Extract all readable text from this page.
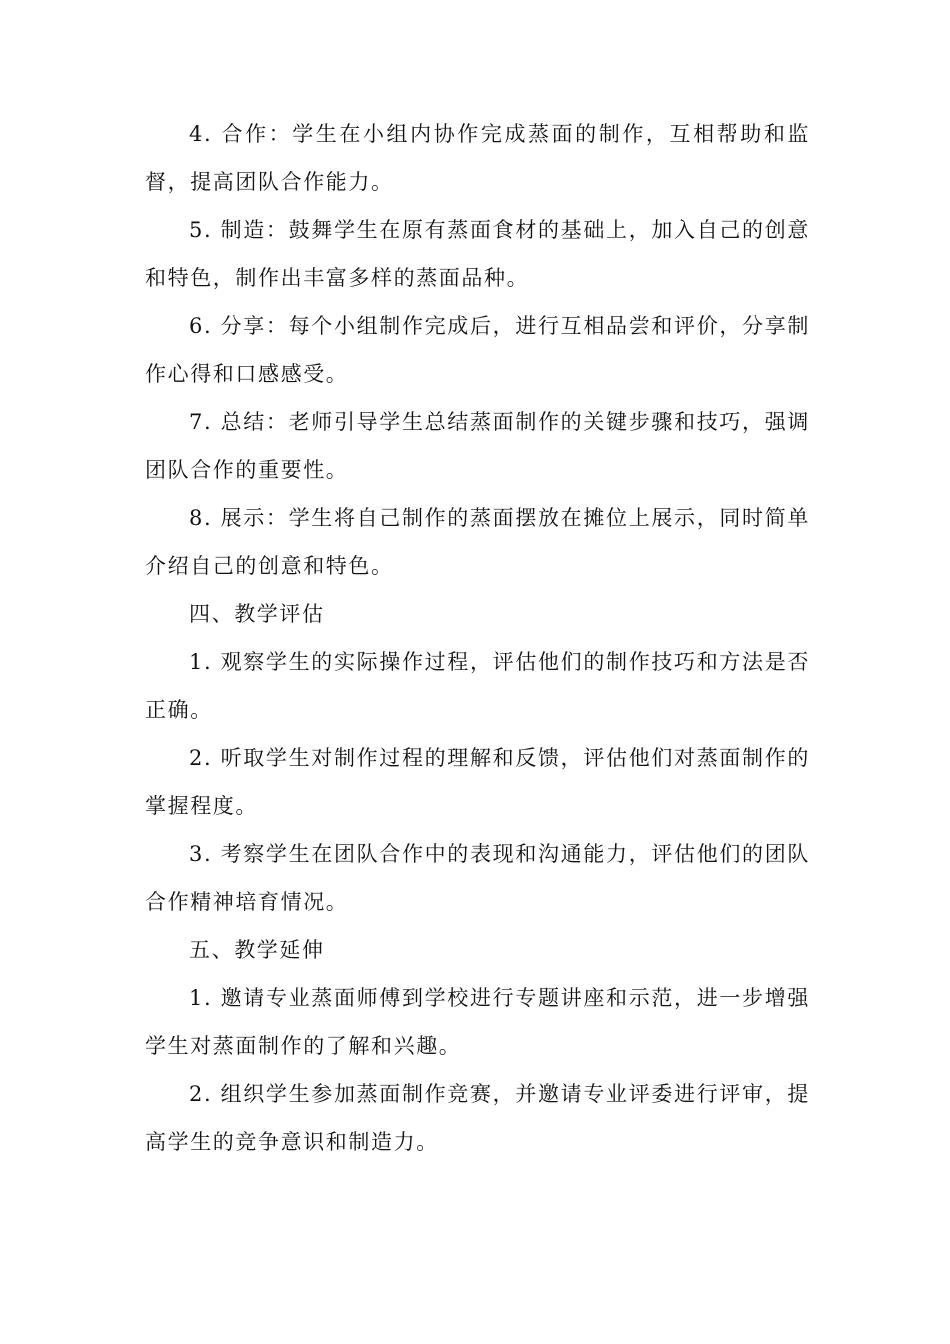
4. 合作：学生在小组内协作完成蒸面的制作，互相帮助和监督，提高团队合作能力。

5. 制造：鼓舞学生在原有蒸面食材的基础上，加入自己的创意和特色，制作出丰富多样的蒸面品种。

6. 分享：每个小组制作完成后，进行互相品尝和评价，分享制作心得和口感感受。

7. 总结：老师引导学生总结蒸面制作的关键步骤和技巧，强调团队合作的重要性。

8. 展示：学生将自己制作的蒸面摆放在摊位上展示，同时简单介绍自己的创意和特色。

四、教学评估

1. 观察学生的实际操作过程，评估他们的制作技巧和方法是否正确。

2. 听取学生对制作过程的理解和反馈，评估他们对蒸面制作的掌握程度。

3. 考察学生在团队合作中的表现和沟通能力，评估他们的团队合作精神培育情况。

五、教学延伸

1. 邀请专业蒸面师傅到学校进行专题讲座和示范，进一步增强学生对蒸面制作的了解和兴趣。

2. 组织学生参加蒸面制作竞赛，并邀请专业评委进行评审，提高学生的竞争意识和制造力。
